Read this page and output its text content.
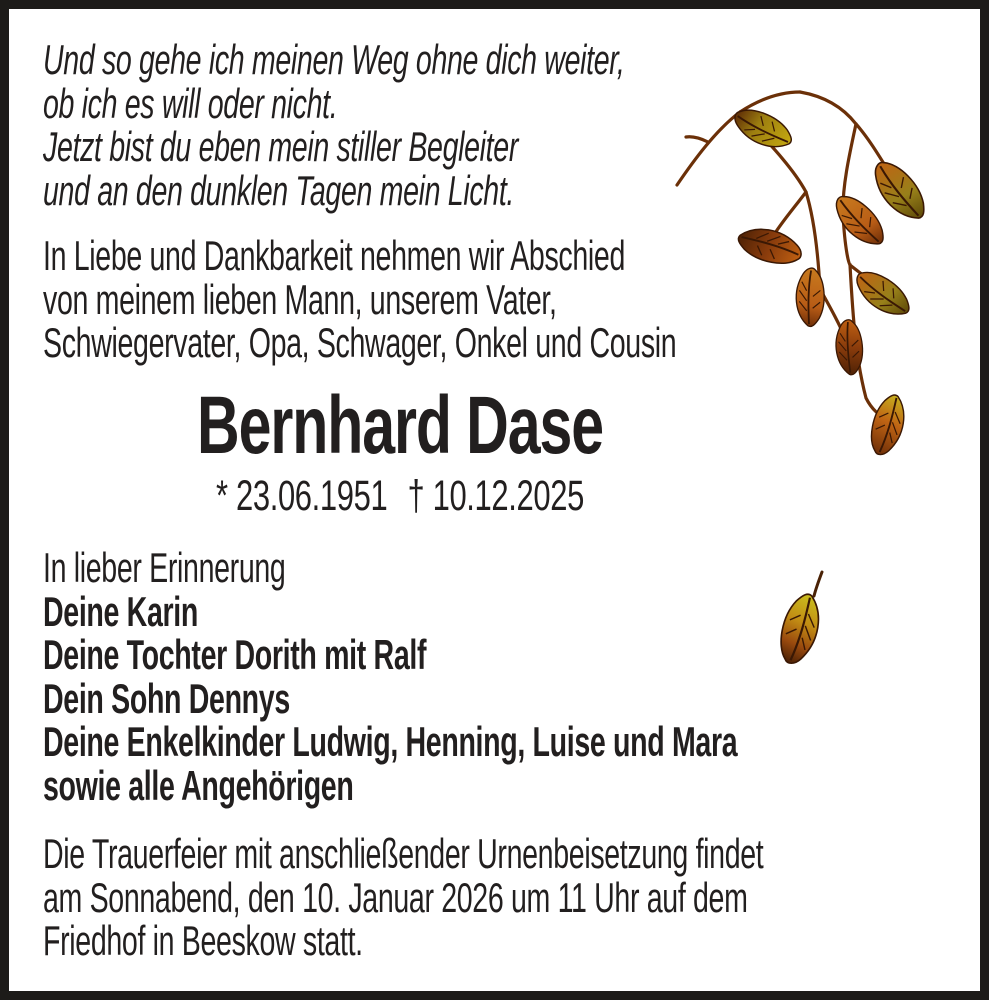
Und so gehe ich meinen Weg ohne dich weiter,
ob ich es will oder nicht.
Jetzt bist du eben mein stiller Begleiter
und an den dunklen Tagen mein Licht.
In Liebe und Dankbarkeit nehmen wir Abschied
von meinem lieben Mann, unserem Vater,
Schwiegervater, Opa, Schwager, Onkel und Cousin
Bernhard Dase
* 23.06.1951 † 10.12.2025
In lieber Erinnerung
Deine Karin
Deine Tochter Dorith mit Ralf
Dein Sohn Dennys
Deine Enkelkinder Ludwig, Henning, Luise und Mara
sowie alle Angehörigen
Die Trauerfeier mit anschließender Urnenbeisetzung findet
am Sonnabend, den 10. Januar 2026 um 11 Uhr auf dem
Friedhof in Beeskow statt.
